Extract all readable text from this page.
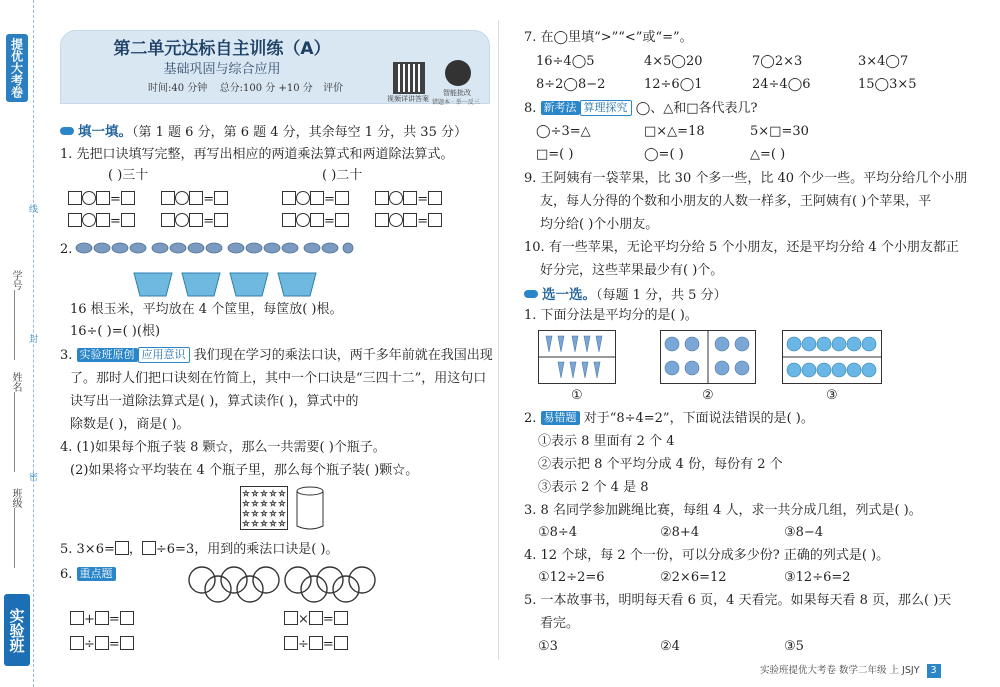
提优大考卷
学号
姓名
班级
线
封
密
实验班
第二单元达标自主训练（A）
基础巩固与综合应用
时间:40 分钟 总分:100 分 +10 分 评价
视频详讲答案
智能批改
错题本 · 举一反三
填一填。（第 1 题 6 分，第 6 题 4 分，其余每空 1 分，共 35 分）
1. 先把口诀填写完整，再写出相应的两道乘法算式和两道除法算式。
( )三十	( )二十
=	=
=	=
=	=
=	=
2.
16 根玉米，平均放在 4 个筐里，每筐放( )根。
16÷( )=( )(根)
3. 实验班原创 应用意识 我们现在学习的乘法口诀，两千多年前就在我国出现
了。那时人们把口诀刻在竹简上，其中一个口诀是“三四十二”，用这句口
诀写出一道除法算式是( )，算式读作( )，算式中的
除数是( )，商是( )。
4. (1)如果每个瓶子装 8 颗☆，那么一共需要( )个瓶子。
(2)如果将☆平均装在 4 个瓶子里，那么每个瓶子装( )颗☆。
☆ ☆ ☆ ☆ ☆
☆ ☆ ☆ ☆ ☆
☆ ☆ ☆ ☆ ☆
☆ ☆ ☆ ☆ ☆
5. 3×6= ， ÷6=3，用到的乘法口诀是( )。
6. 重点题
+ =
÷ =
× =
÷ =
7. 在◯里填“>”“<”或“=”。
16÷4◯5	4×5◯20	7◯2×3	3×4◯7
8÷2◯8−2	12÷6◯1	24÷4◯6	15◯3×5
8. 新考法 算理探究 ◯、△和□各代表几?
◯÷3=△	□×△=18	5×□=30
□=( )	◯=( )	△=( )
9. 王阿姨有一袋苹果，比 30 个多一些，比 40 个少一些。平均分给几个小朋
友，每人分得的个数和小朋友的人数一样多，王阿姨有( )个苹果，平
均分给( )个小朋友。
10. 有一些苹果，无论平均分给 5 个小朋友，还是平均分给 4 个小朋友都正
好分完，这些苹果最少有( )个。
选一选。（每题 1 分，共 5 分）
1. 下面分法是平均分的是( )。
①	②	③
2. 易错题 对于“8÷4=2”，下面说法错误的是( )。
①表示 8 里面有 2 个 4
②表示把 8 个平均分成 4 份，每份有 2 个
③表示 2 个 4 是 8
3. 8 名同学参加跳绳比赛，每组 4 人，求一共分成几组，列式是( )。
①8÷4	②8+4	③8−4
4. 12 个球，每 2 个一份，可以分成多少份? 正确的列式是( )。
①12÷2=6	②2×6=12	③12÷6=2
5. 一本故事书，明明每天看 6 页，4 天看完。如果每天看 8 页，那么( )天
看完。
①3	②4	③5
实验班提优大考卷 数学二年级 上 JSJY 3
